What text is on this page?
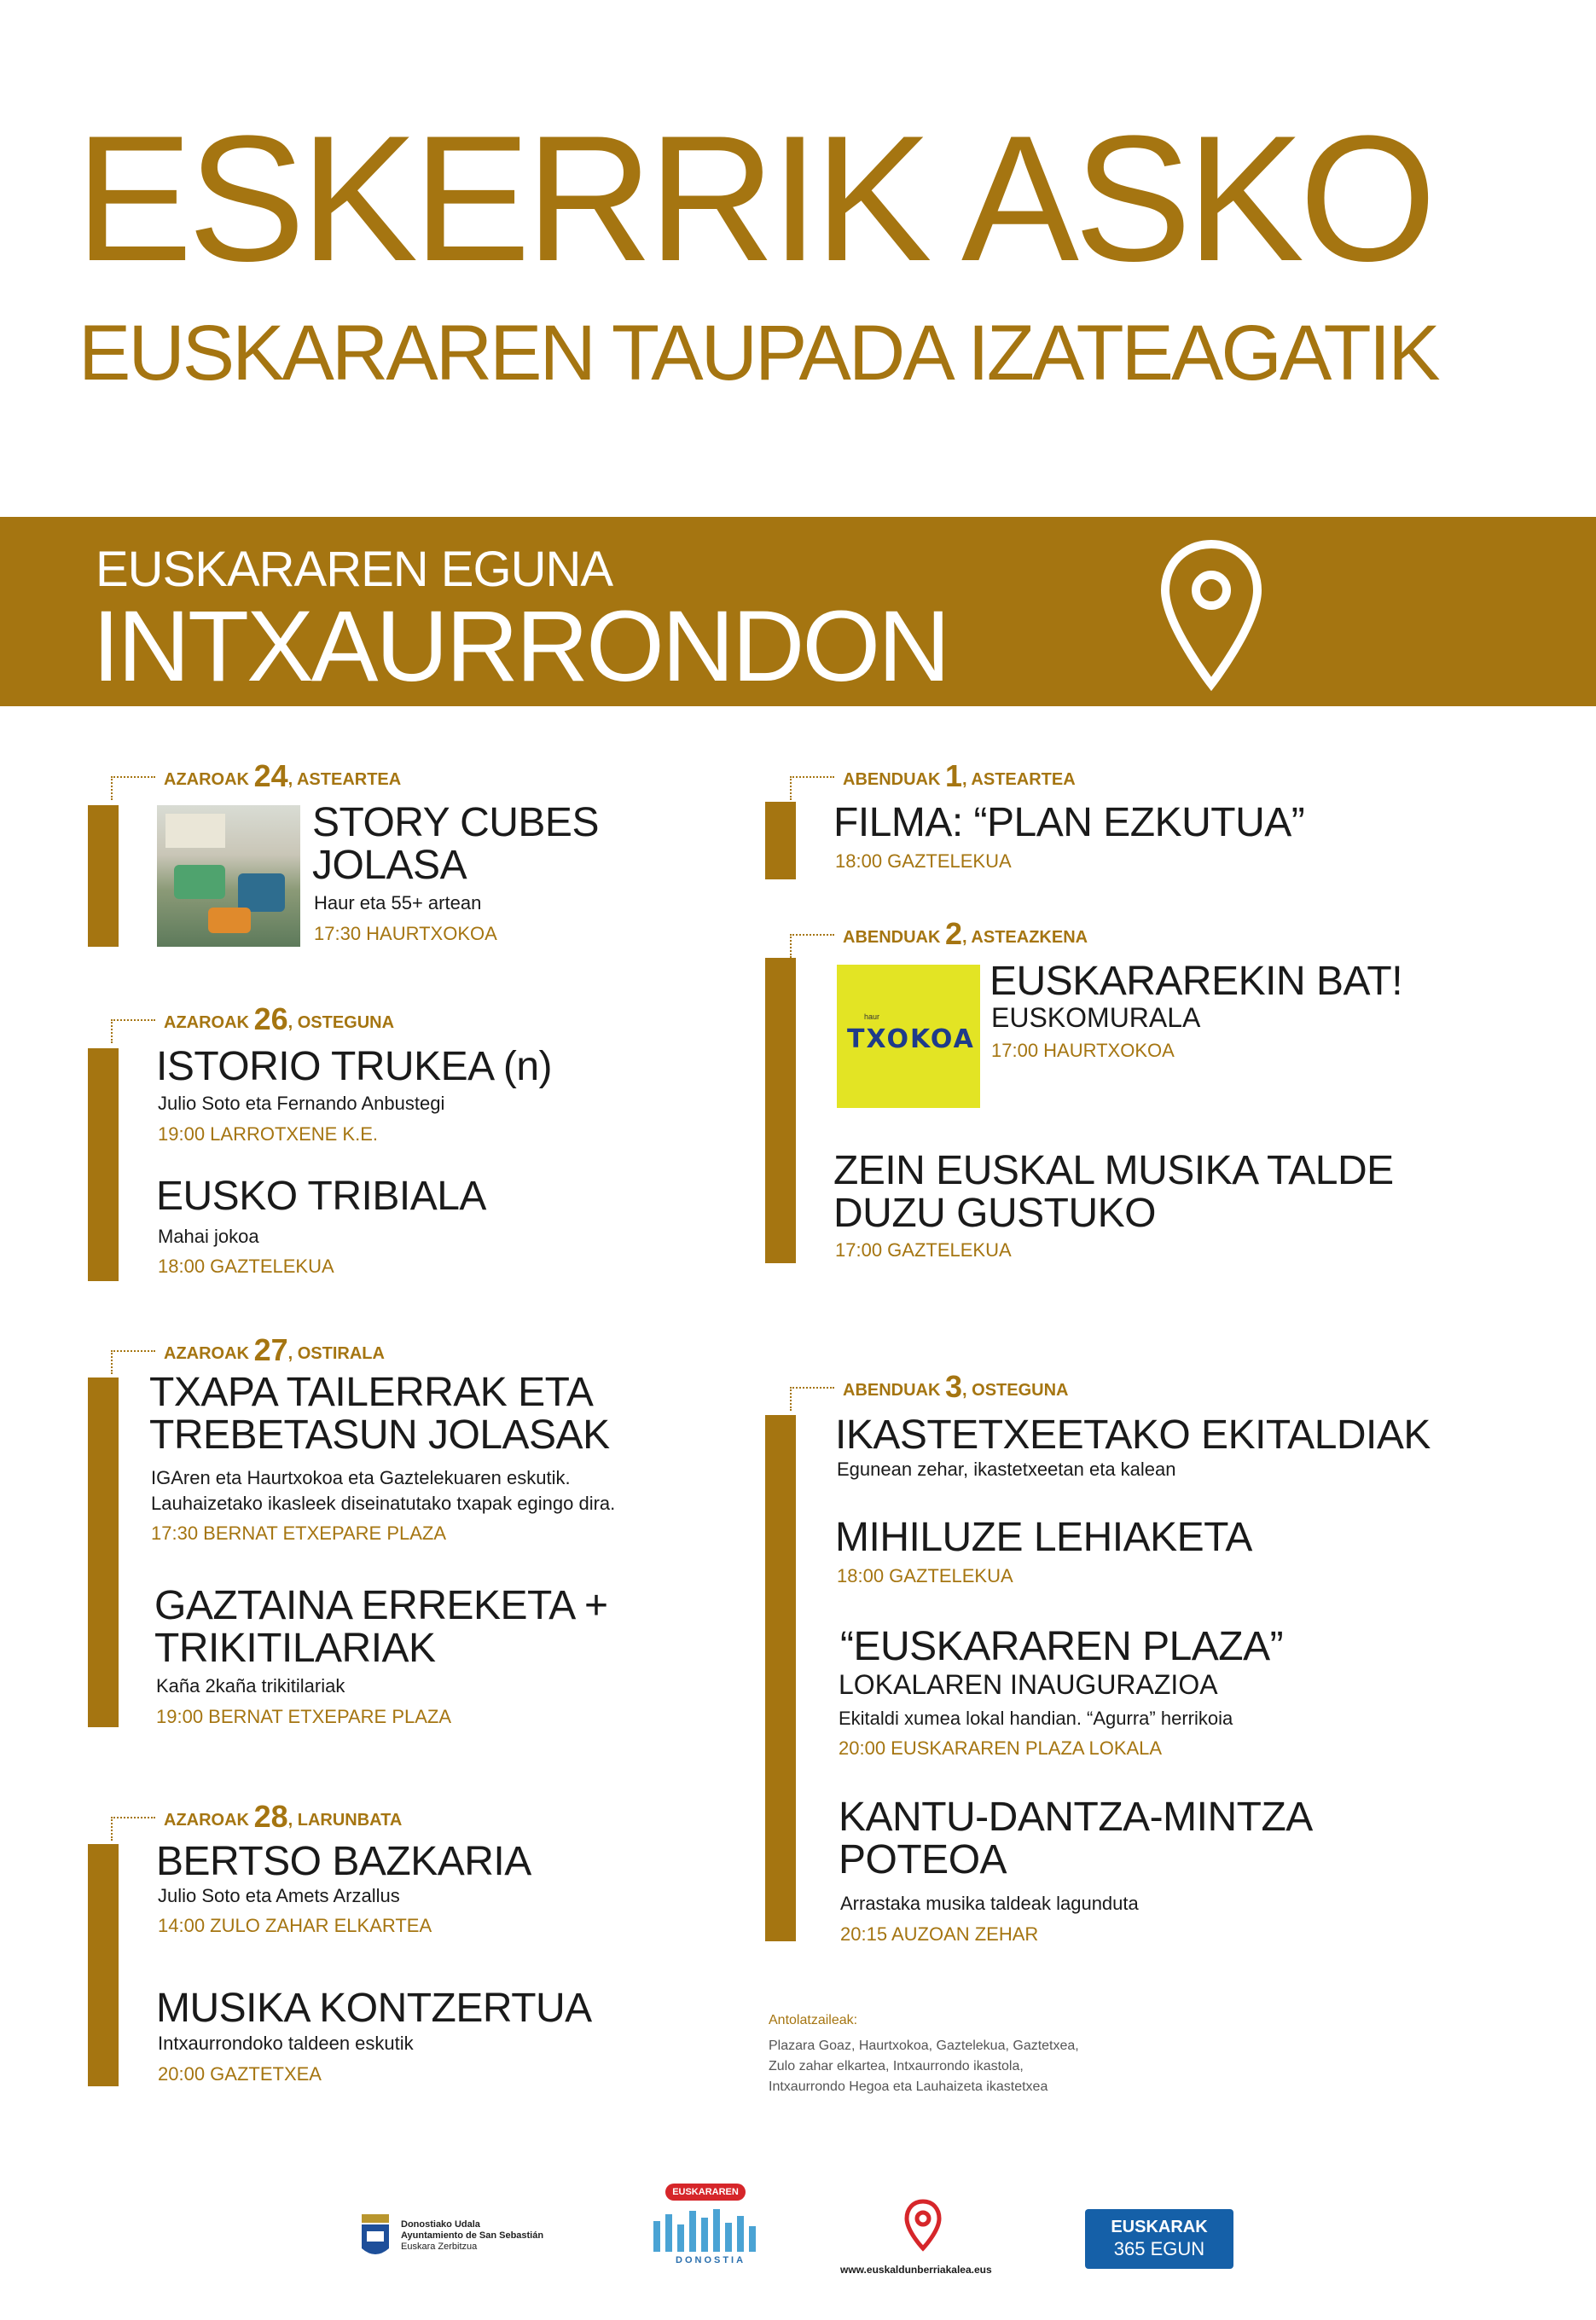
ESKERRIK ASKO
EUSKARAREN TAUPADA IZATEAGATIK
EUSKARAREN EGUNA
INTXAURRONDON
AZAROAK 24, ASTEARTEA
STORY CUBES
JOLASA
Haur eta 55+ artean
17:30 HAURTXOKOA
AZAROAK 26, OSTEGUNA
ISTORIO TRUKEA (n)
Julio Soto eta Fernando Anbustegi
19:00 LARROTXENE K.E.
EUSKO TRIBIALA
Mahai jokoa
18:00 GAZTELEKUA
AZAROAK 27, OSTIRALA
TXAPA TAILERRAK ETA
TREBETASUN JOLASAK
IGAren eta Haurtxokoa eta Gaztelekuaren eskutik.
Lauhaizetako ikasleek diseinatutako txapak egingo dira.
17:30 BERNAT ETXEPARE PLAZA
GAZTAINA ERREKETA +
TRIKITILARIAK
Kaña 2kaña trikitilariak
19:00 BERNAT ETXEPARE PLAZA
AZAROAK 28, LARUNBATA
BERTSO BAZKARIA
Julio Soto eta Amets Arzallus
14:00 ZULO ZAHAR ELKARTEA
MUSIKA KONTZERTUA
Intxaurrondoko taldeen eskutik
20:00 GAZTETXEA
ABENDUAK 1, ASTEARTEA
FILMA: “PLAN EZKUTUA”
18:00 GAZTELEKUA
ABENDUAK 2, ASTEAZKENA
haur
TXOKOA
EUSKARAREKIN BAT!
EUSKOMURALA
17:00 HAURTXOKOA
ZEIN EUSKAL MUSIKA TALDE
DUZU GUSTUKO
17:00 GAZTELEKUA
ABENDUAK 3, OSTEGUNA
IKASTETXEETAKO EKITALDIAK
Egunean zehar, ikastetxeetan eta kalean
MIHILUZE LEHIAKETA
18:00 GAZTELEKUA
“EUSKARAREN PLAZA”
LOKALAREN INAUGURAZIOA
Ekitaldi xumea lokal handian. “Agurra” herrikoia
20:00 EUSKARAREN PLAZA LOKALA
KANTU-DANTZA-MINTZA
POTEOA
Arrastaka musika taldeak lagunduta
20:15 AUZOAN ZEHAR
Antolatzaileak:
Plazara Goaz, Haurtxokoa, Gaztelekua, Gaztetxea,
Zulo zahar elkartea, Intxaurrondo ikastola,
Intxaurrondo Hegoa eta Lauhaizeta ikastetxea
Donostiako Udala
Ayuntamiento de San Sebastián
Euskara Zerbitzua
EUSKARAREN
DONOSTIA
www.euskaldunberriakalea.eus
EUSKARAK
365 EGUN
